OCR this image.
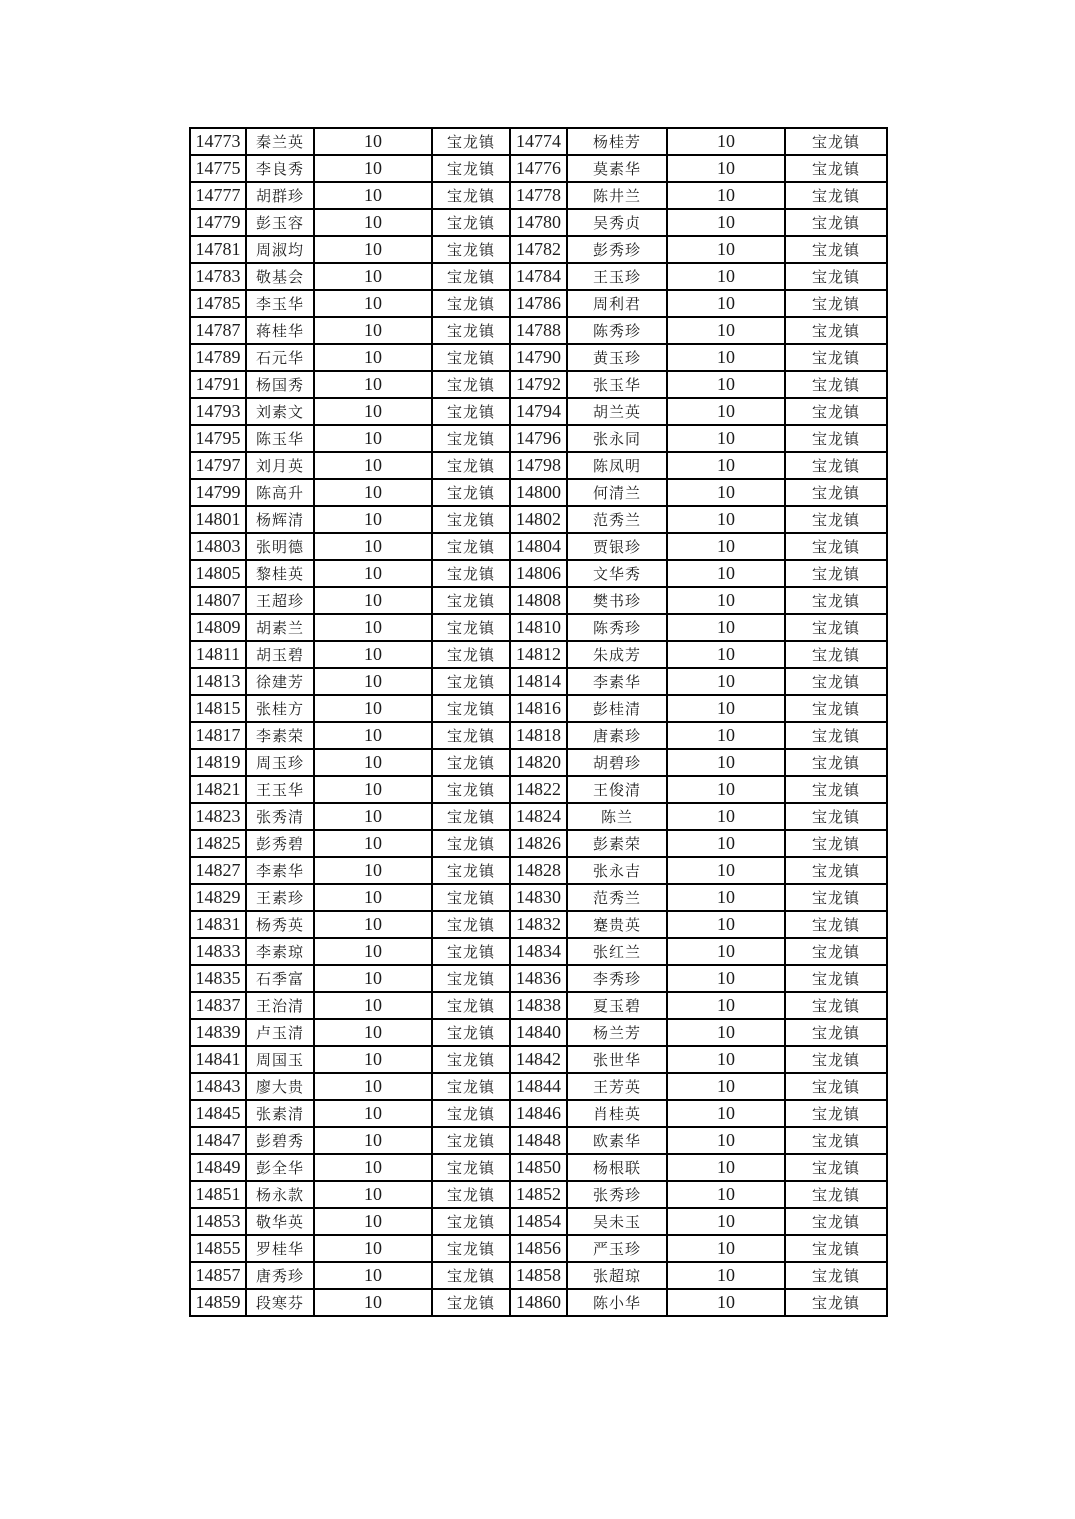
14773	秦兰英	10	宝龙镇	14774	杨桂芳	10	宝龙镇
14775	李良秀	10	宝龙镇	14776	莫素华	10	宝龙镇
14777	胡群珍	10	宝龙镇	14778	陈井兰	10	宝龙镇
14779	彭玉容	10	宝龙镇	14780	吴秀贞	10	宝龙镇
14781	周淑均	10	宝龙镇	14782	彭秀珍	10	宝龙镇
14783	敬基会	10	宝龙镇	14784	王玉珍	10	宝龙镇
14785	李玉华	10	宝龙镇	14786	周利君	10	宝龙镇
14787	蒋桂华	10	宝龙镇	14788	陈秀珍	10	宝龙镇
14789	石元华	10	宝龙镇	14790	黄玉珍	10	宝龙镇
14791	杨国秀	10	宝龙镇	14792	张玉华	10	宝龙镇
14793	刘素文	10	宝龙镇	14794	胡兰英	10	宝龙镇
14795	陈玉华	10	宝龙镇	14796	张永同	10	宝龙镇
14797	刘月英	10	宝龙镇	14798	陈凤明	10	宝龙镇
14799	陈高升	10	宝龙镇	14800	何清兰	10	宝龙镇
14801	杨辉清	10	宝龙镇	14802	范秀兰	10	宝龙镇
14803	张明德	10	宝龙镇	14804	贾银珍	10	宝龙镇
14805	黎桂英	10	宝龙镇	14806	文华秀	10	宝龙镇
14807	王超珍	10	宝龙镇	14808	樊书珍	10	宝龙镇
14809	胡素兰	10	宝龙镇	14810	陈秀珍	10	宝龙镇
14811	胡玉碧	10	宝龙镇	14812	朱成芳	10	宝龙镇
14813	徐建芳	10	宝龙镇	14814	李素华	10	宝龙镇
14815	张桂方	10	宝龙镇	14816	彭桂清	10	宝龙镇
14817	李素荣	10	宝龙镇	14818	唐素珍	10	宝龙镇
14819	周玉珍	10	宝龙镇	14820	胡碧珍	10	宝龙镇
14821	王玉华	10	宝龙镇	14822	王俊清	10	宝龙镇
14823	张秀清	10	宝龙镇	14824	陈兰	10	宝龙镇
14825	彭秀碧	10	宝龙镇	14826	彭素荣	10	宝龙镇
14827	李素华	10	宝龙镇	14828	张永吉	10	宝龙镇
14829	王素珍	10	宝龙镇	14830	范秀兰	10	宝龙镇
14831	杨秀英	10	宝龙镇	14832	蹇贵英	10	宝龙镇
14833	李素琼	10	宝龙镇	14834	张红兰	10	宝龙镇
14835	石季富	10	宝龙镇	14836	李秀珍	10	宝龙镇
14837	王治清	10	宝龙镇	14838	夏玉碧	10	宝龙镇
14839	卢玉清	10	宝龙镇	14840	杨兰芳	10	宝龙镇
14841	周国玉	10	宝龙镇	14842	张世华	10	宝龙镇
14843	廖大贵	10	宝龙镇	14844	王芳英	10	宝龙镇
14845	张素清	10	宝龙镇	14846	肖桂英	10	宝龙镇
14847	彭碧秀	10	宝龙镇	14848	欧素华	10	宝龙镇
14849	彭全华	10	宝龙镇	14850	杨根联	10	宝龙镇
14851	杨永款	10	宝龙镇	14852	张秀珍	10	宝龙镇
14853	敬华英	10	宝龙镇	14854	吴未玉	10	宝龙镇
14855	罗桂华	10	宝龙镇	14856	严玉珍	10	宝龙镇
14857	唐秀珍	10	宝龙镇	14858	张超琼	10	宝龙镇
14859	段寒芬	10	宝龙镇	14860	陈小华	10	宝龙镇
